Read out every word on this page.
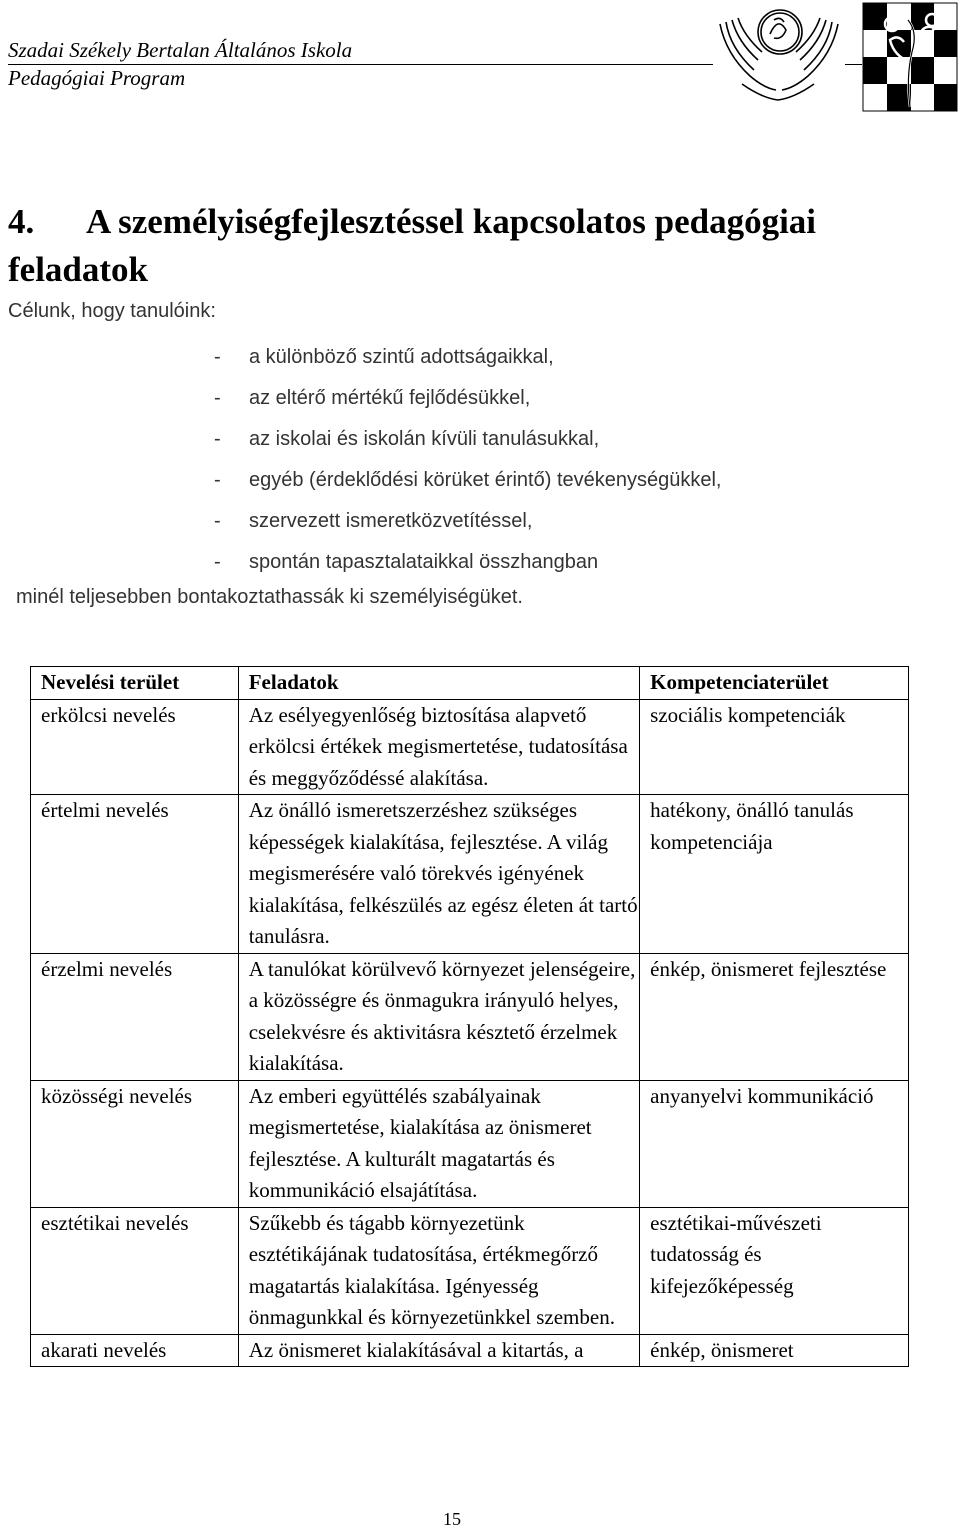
Szadai Székely Bertalan Általános Iskola
Pedagógiai Program
4. A személyiségfejlesztéssel kapcsolatos pedagógiai feladatok
Célunk, hogy tanulóink:
- a különböző szintű adottságaikkal,
- az eltérő mértékű fejlődésükkel,
- az iskolai és iskolán kívüli tanulásukkal,
- egyéb (érdeklődési körüket érintő) tevékenységükkel,
- szervezett ismeretközvetítéssel,
- spontán tapasztalataikkal összhangban
minél teljesebben bontakoztathassák ki személyiségüket.
Nevelési terület	Feladatok	Kompetenciaterület
erkölcsi nevelés	Az esélyegyenlőség biztosítása alapvető erkölcsi értékek megismertetése, tudatosítása és meggyőződéssé alakítása.	szociális kompetenciák
értelmi nevelés	Az önálló ismeretszerzéshez szükséges képességek kialakítása, fejlesztése. A világ megismerésére való törekvés igényének kialakítása, felkészülés az egész életen át tartó tanulásra.	hatékony, önálló tanulás kompetenciája
érzelmi nevelés	A tanulókat körülvevő környezet jelenségeire, a közösségre és önmagukra irányuló helyes, cselekvésre és aktivitásra késztető érzelmek kialakítása.	énkép, önismeret fejlesztése
közösségi nevelés	Az emberi együttélés szabályainak megismertetése, kialakítása az önismeret fejlesztése. A kulturált magatartás és kommunikáció elsajátítása.	anyanyelvi kommunikáció
esztétikai nevelés	Szűkebb és tágabb környezetünk esztétikájának tudatosítása, értékmegőrző magatartás kialakítása. Igényesség önmagunkkal és környezetünkkel szemben.	esztétikai-művészeti tudatosság és kifejezőképesség
akarati nevelés	Az önismeret kialakításával a kitartás, a	énkép, önismeret
15
